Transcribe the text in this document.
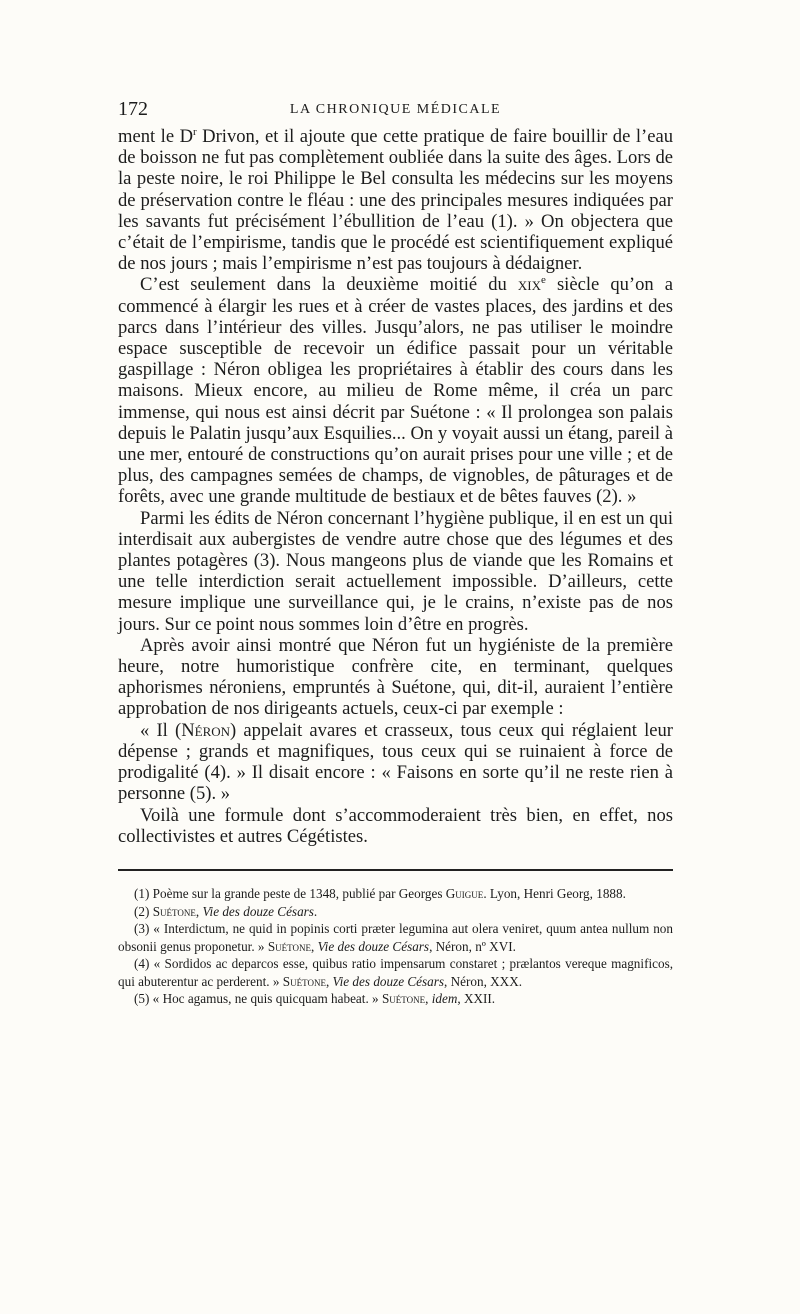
172	LA CHRONIQUE MÉDICALE

ment le $D^r$ Drivon, et il ajoute que cette pratique de faire bouillir de l’eau de boisson ne fut pas complètement oubliée dans la suite des âges. Lors de la peste noire, le roi Philippe le Bel consulta les médecins sur les moyens de préservation contre le fléau : une des principales mesures indiquées par les savants fut précisément l’ébullition de l’eau (1). » On objectera que c’était de l’empirisme, tandis que le procédé est scientifiquement expliqué de nos jours ; mais l’empirisme n’est pas toujours à dédaigner.

C’est seulement dans la deuxième moitié du xix$^e$ siècle qu’on a commencé à élargir les rues et à créer de vastes places, des jardins et des parcs dans l’intérieur des villes. Jusqu’alors, ne pas utiliser le moindre espace susceptible de recevoir un édifice passait pour un véritable gaspillage : Néron obligea les propriétaires à établir des cours dans les maisons. Mieux encore, au milieu de Rome même, il créa un parc immense, qui nous est ainsi décrit par Suétone : « Il prolongea son palais depuis le Palatin jusqu’aux Esquilies... On y voyait aussi un étang, pareil à une mer, entouré de constructions qu’on aurait prises pour une ville ; et de plus, des campagnes semées de champs, de vignobles, de pâturages et de forêts, avec une grande multitude de bestiaux et de bêtes fauves (2). »

Parmi les édits de Néron concernant l’hygiène publique, il en est un qui interdisait aux aubergistes de vendre autre chose que des légumes et des plantes potagères (3). Nous mangeons plus de viande que les Romains et une telle interdiction serait actuellement impossible. D’ailleurs, cette mesure implique une surveillance qui, je le crains, n’existe pas de nos jours. Sur ce point nous sommes loin d’être en progrès.

Après avoir ainsi montré que Néron fut un hygiéniste de la première heure, notre humoristique confrère cite, en terminant, quelques aphorismes néroniens, empruntés à Suétone, qui, dit-il, auraient l’entière approbation de nos dirigeants actuels, ceux-ci par exemple :

« Il (Néron) appelait avares et crasseux, tous ceux qui réglaient leur dépense ; grands et magnifiques, tous ceux qui se ruinaient à force de prodigalité (4). » Il disait encore : « Faisons en sorte qu’il ne reste rien à personne (5). »

Voilà une formule dont s’accommoderaient très bien, en effet, nos collectivistes et autres Cégétistes.

(1) Poème sur la grande peste de 1348, publié par Georges Guigue. Lyon, Henri Georg, 1888.

(2) Suétone, Vie des douze Césars.

(3) « Interdictum, ne quid in popinis corti præter legumina aut olera veniret, quum antea nullum non obsonii genus proponetur. » Suétone, Vie des douze Césars, Néron, nº XVI.

(4) « Sordidos ac deparcos esse, quibus ratio impensarum constaret ; prælantos vereque magnificos, qui abuterentur ac perderent. » Suétone, Vie des douze Césars, Néron, XXX.

(5) « Hoc agamus, ne quis quicquam habeat. » Suétone, idem, XXII.
